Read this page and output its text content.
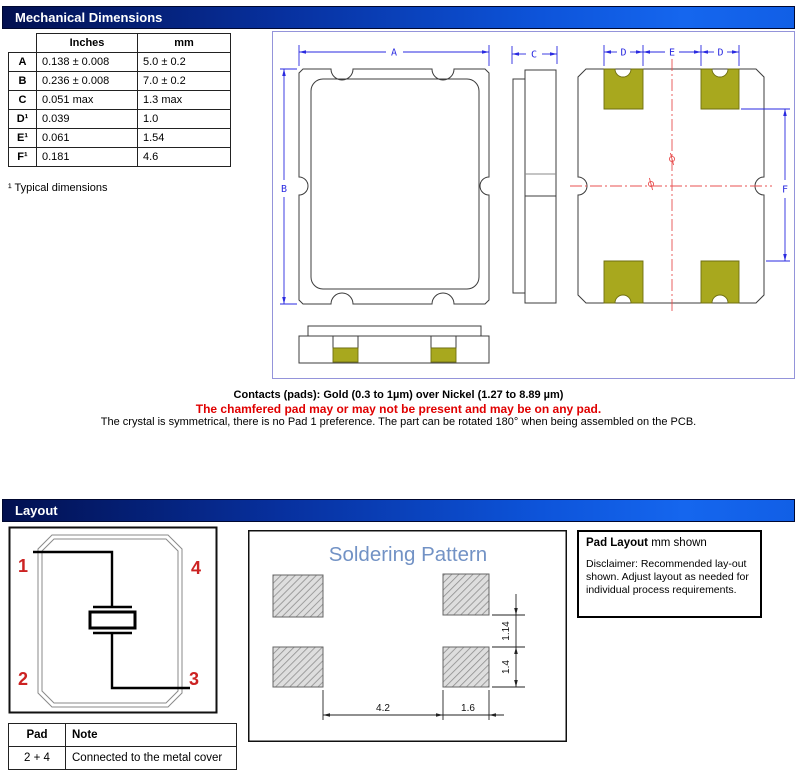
Mechanical Dimensions
	Inches	mm
A	0.138 ± 0.008	5.0 ± 0.2
B	0.236 ± 0.008	7.0 ± 0.2
C	0.051 max	1.3 max
D¹	0.039	1.0
E¹	0.061	1.54
F¹	0.181	4.6
¹ Typical dimensions
A
B
C	D	E	D
F
Contacts (pads): Gold (0.3 to 1µm) over Nickel (1.27 to 8.89 µm)
The chamfered pad may or may not be present and may be on any pad.
The crystal is symmetrical, there is no Pad 1 preference. The part can be rotated 180° when being assembled on the PCB.
Layout
1	4
2	3
Soldering Pattern
1.14
1.4
4.2	1.6
Pad Layout mm shown
Disclaimer: Recommended lay-out shown. Adjust layout as needed for individual process requirements.
Pad	Note
2 + 4	Connected to the metal cover
